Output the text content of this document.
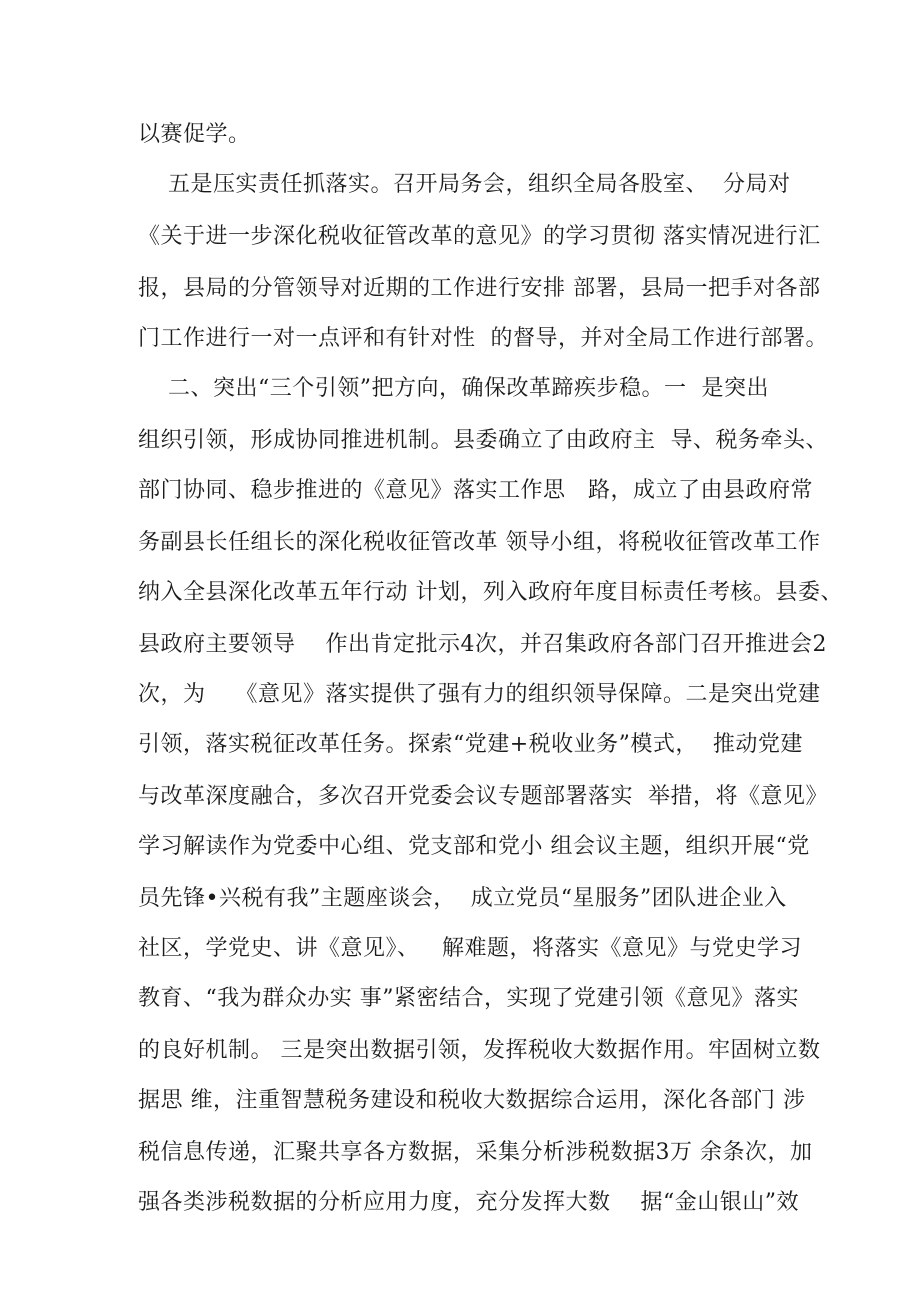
以赛促学。
五是压实责任抓落实。召开局务会，组织全局各股室、  分局对
《关于进一步深化税收征管改革的意见》的学习贯彻 落实情况进行汇
报，县局的分管领导对近期的工作进行安排 部署，县局一把手对各部
门工作进行一对一点评和有针对性  的督导，并对全局工作进行部署。
二、突出“三个引领”把方向，确保改革蹄疾步稳。一  是突出
组织引领，形成协同推进机制。县委确立了由政府主  导、税务牵头、
部门协同、稳步推进的《意见》落实工作思   路，成立了由县政府常
务副县长任组长的深化税收征管改革 领导小组，将税收征管改革工作
纳入全县深化改革五年行动 计划，列入政府年度目标责任考核。县委、
县政府主要领导    作出肯定批示4次，并召集政府各部门召开推进会2
次，为    《意见》落实提供了强有力的组织领导保障。二是突出党建
引领，落实税征改革任务。探索“党建+税收业务”模式，  推动党建
与改革深度融合，多次召开党委会议专题部署落实  举措，将《意见》
学习解读作为党委中心组、党支部和党小 组会议主题，组织开展“党
员先锋•兴税有我”主题座谈会，  成立党员“星服务”团队进企业入
社区，学党史、讲《意见》、   解难题，将落实《意见》与党史学习
教育、“我为群众办实 事”紧密结合，实现了党建引领《意见》落实
的良好机制。 三是突出数据引领，发挥税收大数据作用。牢固树立数
据思 维，注重智慧税务建设和税收大数据综合运用，深化各部门 涉
税信息传递，汇聚共享各方数据，采集分析涉税数据3万 余条次，加
强各类涉税数据的分析应用力度，充分发挥大数    据“金山银山”效
